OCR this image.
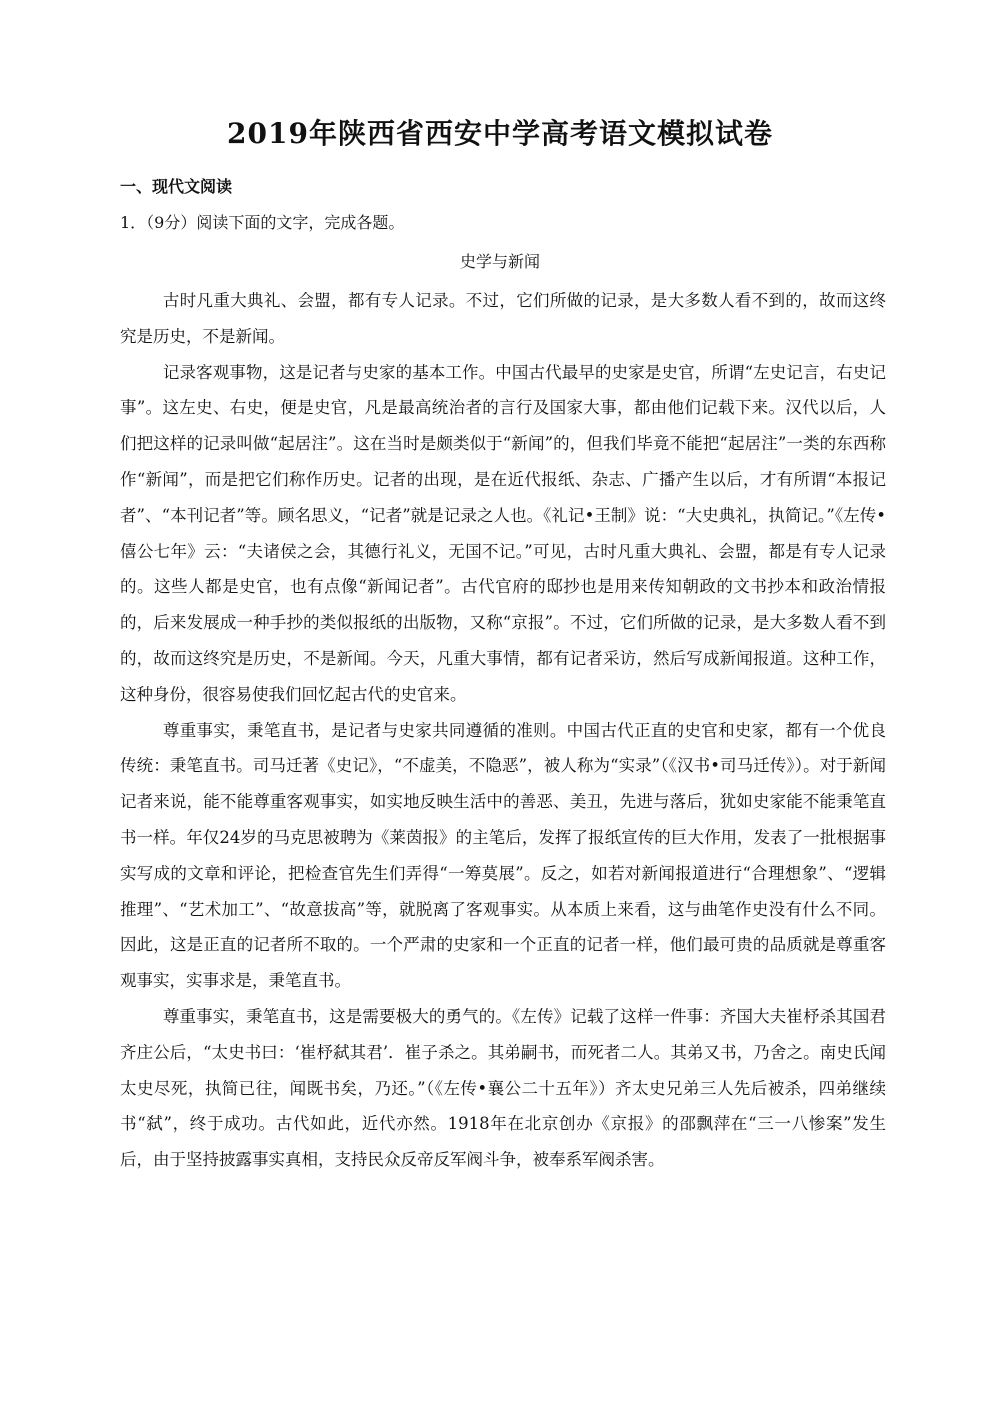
2019年陕西省西安中学高考语文模拟试卷
一、现代文阅读
1．（9分）阅读下面的文字，完成各题。
史学与新闻

古时凡重大典礼、会盟，都有专人记录。不过，它们所做的记录，是大多数人看不到的，故而这终究是历史，不是新闻。

记录客观事物，这是记者与史家的基本工作。中国古代最早的史家是史官，所谓“左史记言，右史记事”。这左史、右史，便是史官，凡是最高统治者的言行及国家大事，都由他们记载下来。汉代以后，人们把这样的记录叫做“起居注”。这在当时是颇类似于“新闻”的，但我们毕竟不能把“起居注”一类的东西称作“新闻”，而是把它们称作历史。记者的出现，是在近代报纸、杂志、广播产生以后，才有所谓“本报记者”、“本刊记者”等。顾名思义，“记者”就是记录之人也。《礼记•王制》说：“大史典礼，执简记。”《左传•僖公七年》云：“夫诸侯之会，其德行礼义，无国不记。”可见，古时凡重大典礼、会盟，都是有专人记录的。这些人都是史官，也有点像“新闻记者”。古代官府的邸抄也是用来传知朝政的文书抄本和政治情报的，后来发展成一种手抄的类似报纸的出版物，又称“京报”。不过，它们所做的记录，是大多数人看不到的，故而这终究是历史，不是新闻。今天，凡重大事情，都有记者采访，然后写成新闻报道。这种工作，这种身份，很容易使我们回忆起古代的史官来。

尊重事实，秉笔直书，是记者与史家共同遵循的准则。中国古代正直的史官和史家，都有一个优良传统：秉笔直书。司马迁著《史记》，“不虚美，不隐恶”，被人称为“实录”（《汉书•司马迁传》）。对于新闻记者来说，能不能尊重客观事实，如实地反映生活中的善恶、美丑，先进与落后，犹如史家能不能秉笔直书一样。年仅24岁的马克思被聘为《莱茵报》的主笔后，发挥了报纸宣传的巨大作用，发表了一批根据事实写成的文章和评论，把检查官先生们弄得“一筹莫展”。反之，如若对新闻报道进行“合理想象”、“逻辑推理”、“艺术加工”、“故意拔高”等，就脱离了客观事实。从本质上来看，这与曲笔作史没有什么不同。因此，这是正直的记者所不取的。一个严肃的史家和一个正直的记者一样，他们最可贵的品质就是尊重客观事实，实事求是，秉笔直书。

尊重事实，秉笔直书，这是需要极大的勇气的。《左传》记载了这样一件事：齐国大夫崔杼杀其国君齐庄公后，“太史书曰：‘崔杼弑其君’．崔子杀之。其弟嗣书，而死者二人。其弟又书，乃舍之。南史氏闻太史尽死，执简已往，闻既书矣，乃还。”（《左传•襄公二十五年》）齐太史兄弟三人先后被杀，四弟继续书“弑”，终于成功。古代如此，近代亦然。1918年在北京创办《京报》的邵飘萍在“三一八惨案”发生后，由于坚持披露事实真相，支持民众反帝反军阀斗争，被奉系军阀杀害。
